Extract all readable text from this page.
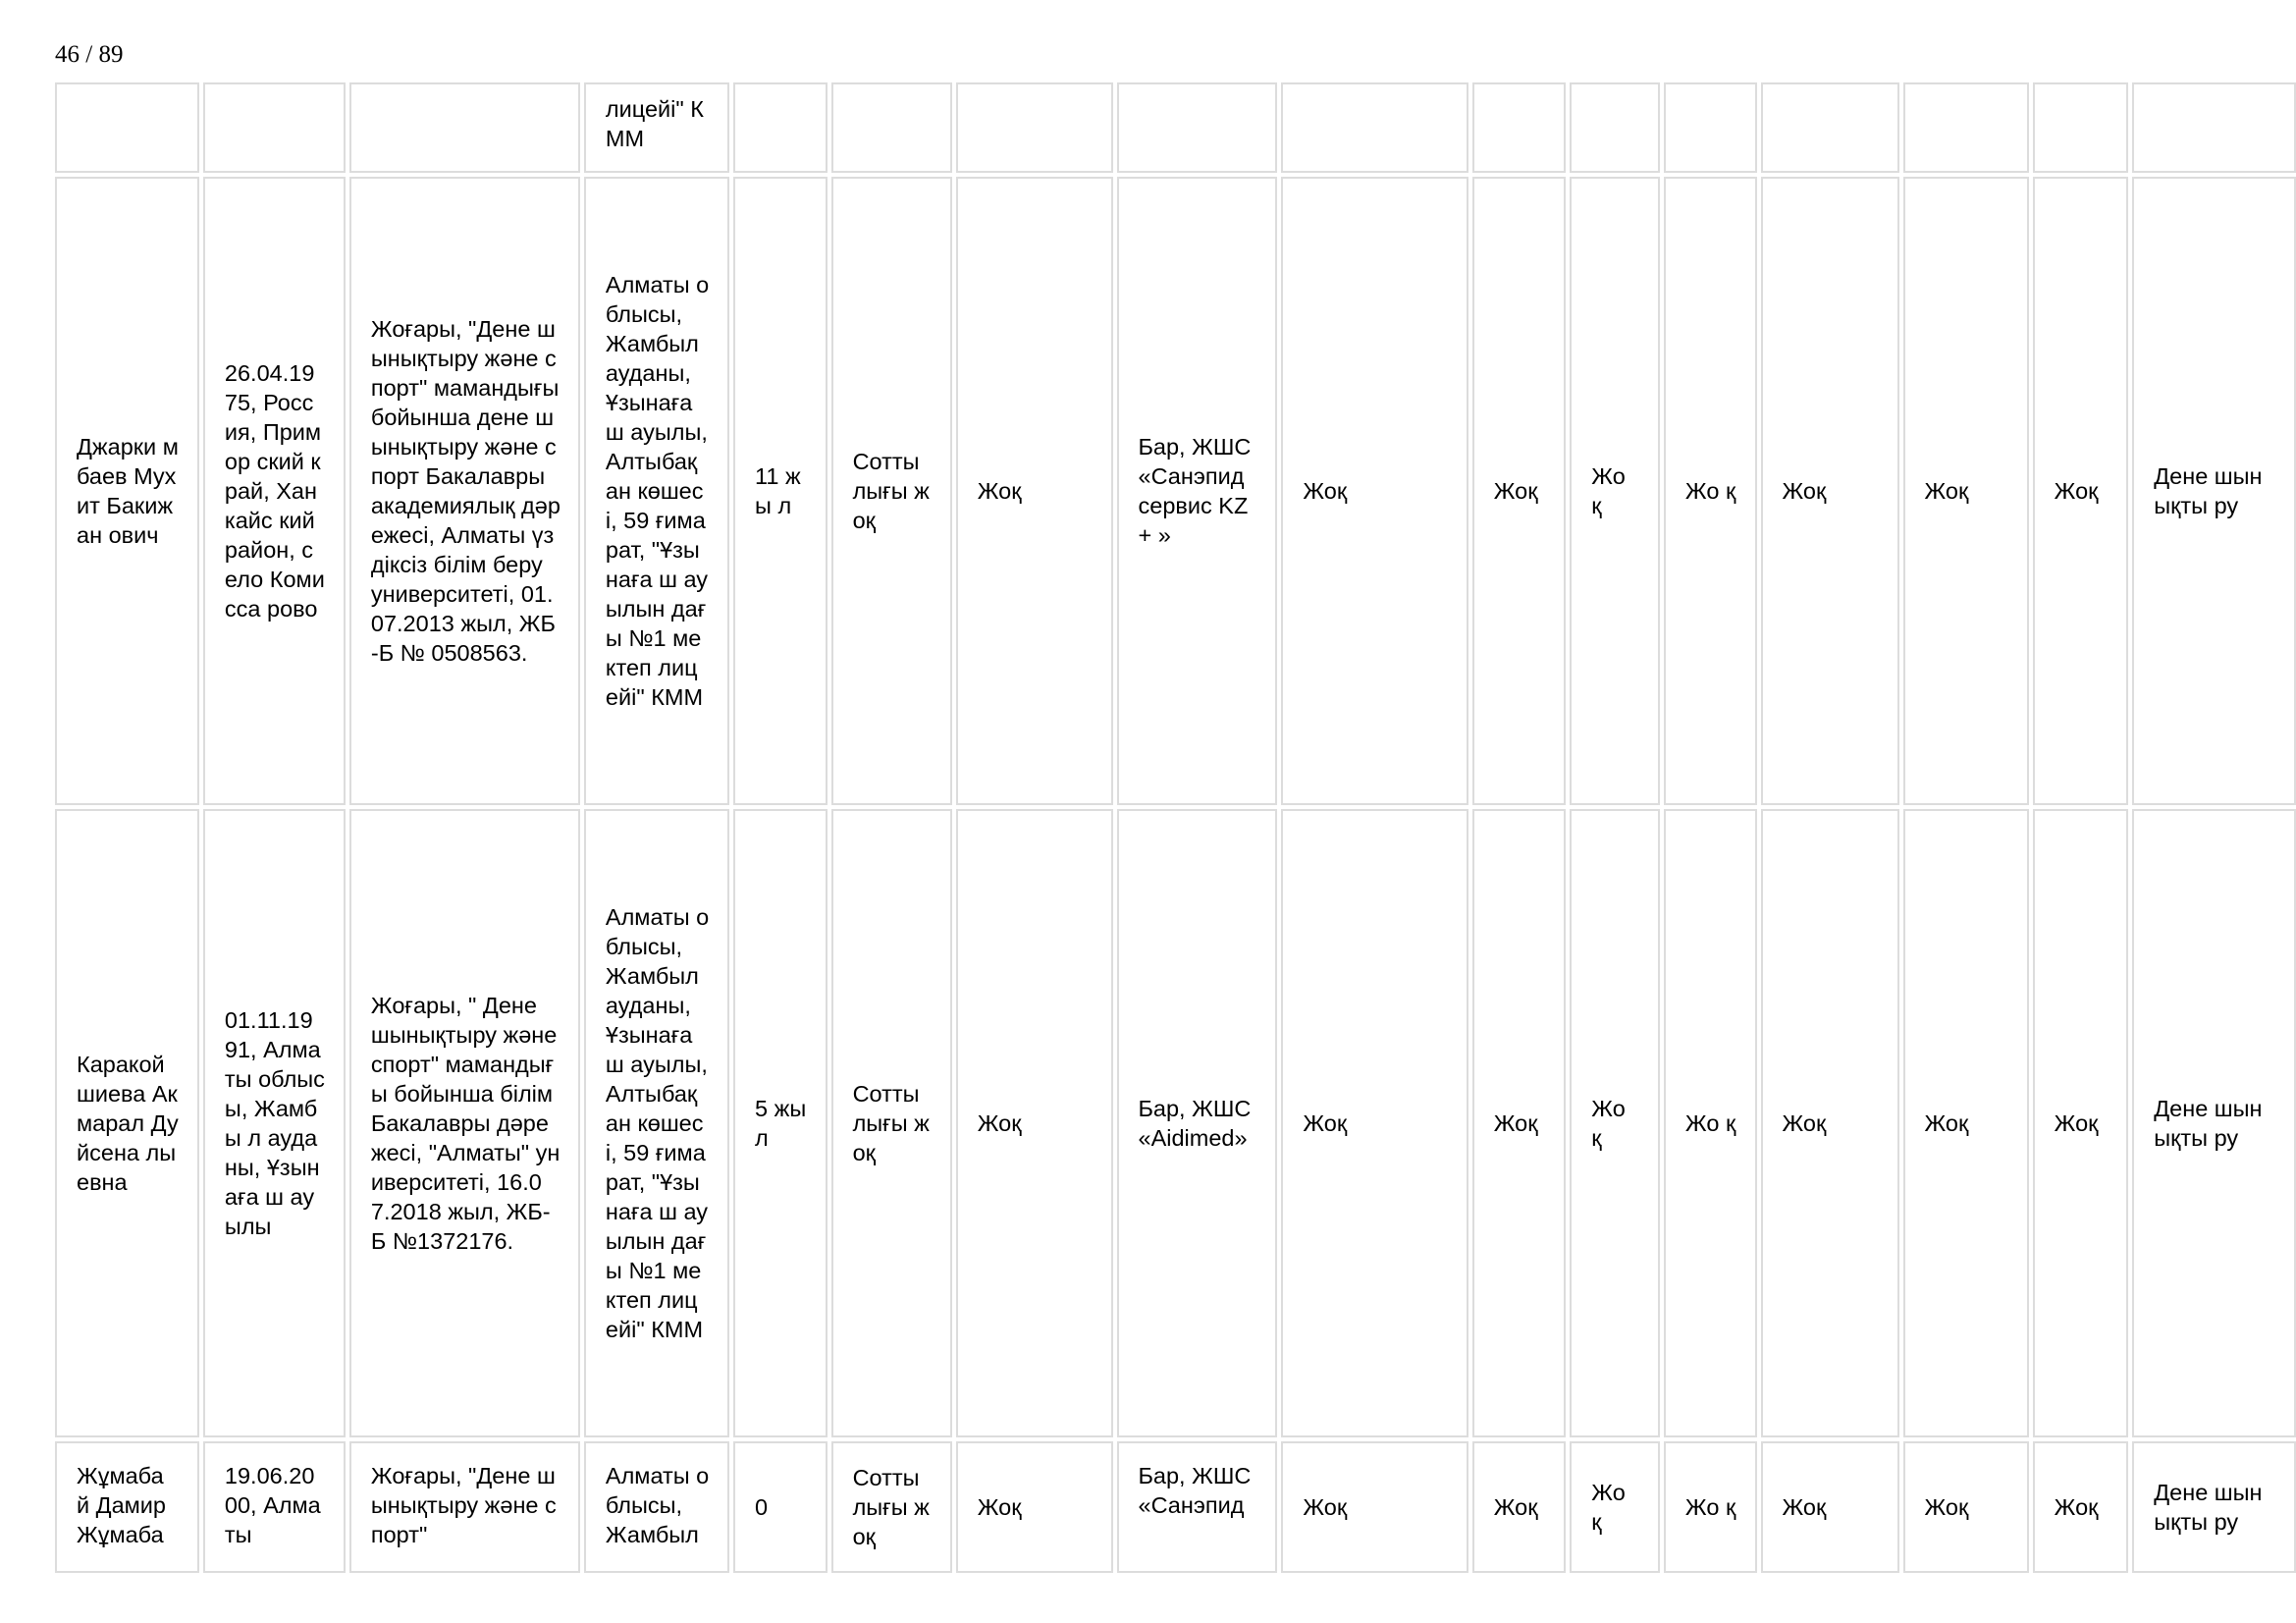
46 / 89
			лицейі" КММ												
Джарки мбаев Мухит Бакижан ович	26.04.19 75, Россия, Примор ский край, Ханкайс кий район, село Комисса рово	Жоғары, "Дене шынықтыру және спорт" мамандығы бойынша дене шынықтыру және спорт Бакалавры академиялық дәрежесі, Алматы үздіксіз білім беру университеті, 01.07.2013 жыл, ЖБ-Б № 0508563.	Алматы облысы, Жамбыл ауданы, Ұзынаға ш ауылы, Алтыбақ ан көшесі, 59 ғимарат, "Ұзынаға ш ауылын дағы №1 мектеп лицейі" КММ	11 жы л	Сотты лығы жоқ	Жоқ	Бар, ЖШС «Санэпид сервис KZ+ »	Жоқ	Жоқ	Жо қ	Жо қ	Жоқ	Жоқ	Жоқ	Дене шынықты ру
Каракой шиева Акмарал Дуйсена лыевна	01.11.19 91, Алматы облысы, Жамбы л ауданы, Ұзынаға ш ауылы	Жоғары, " Дене шынықтыру және спорт" мамандығы бойынша білім Бакалавры дәрежесі, "Алматы" университеті, 16.07.2018 жыл, ЖБ-Б №1372176.	Алматы облысы, Жамбыл ауданы, Ұзынаға ш ауылы, Алтыбақ ан көшесі, 59 ғимарат, "Ұзынаға ш ауылын дағы №1 мектеп лицейі" КММ	5 жы л	Сотты лығы жоқ	Жоқ	Бар, ЖШС «Aidimed»	Жоқ	Жоқ	Жо қ	Жо қ	Жоқ	Жоқ	Жоқ	Дене шынықты ру
Жұмаба й Дамир Жұмаба	19.06.20 00, Алматы	Жоғары, "Дене шынықтыру және спорт"	Алматы облысы, Жамбыл	0	Сотты лығы жоқ	Жоқ	Бар, ЖШС «Санэпид	Жоқ	Жоқ	Жо қ	Жо қ	Жоқ	Жоқ	Жоқ	Дене шынықты ру
